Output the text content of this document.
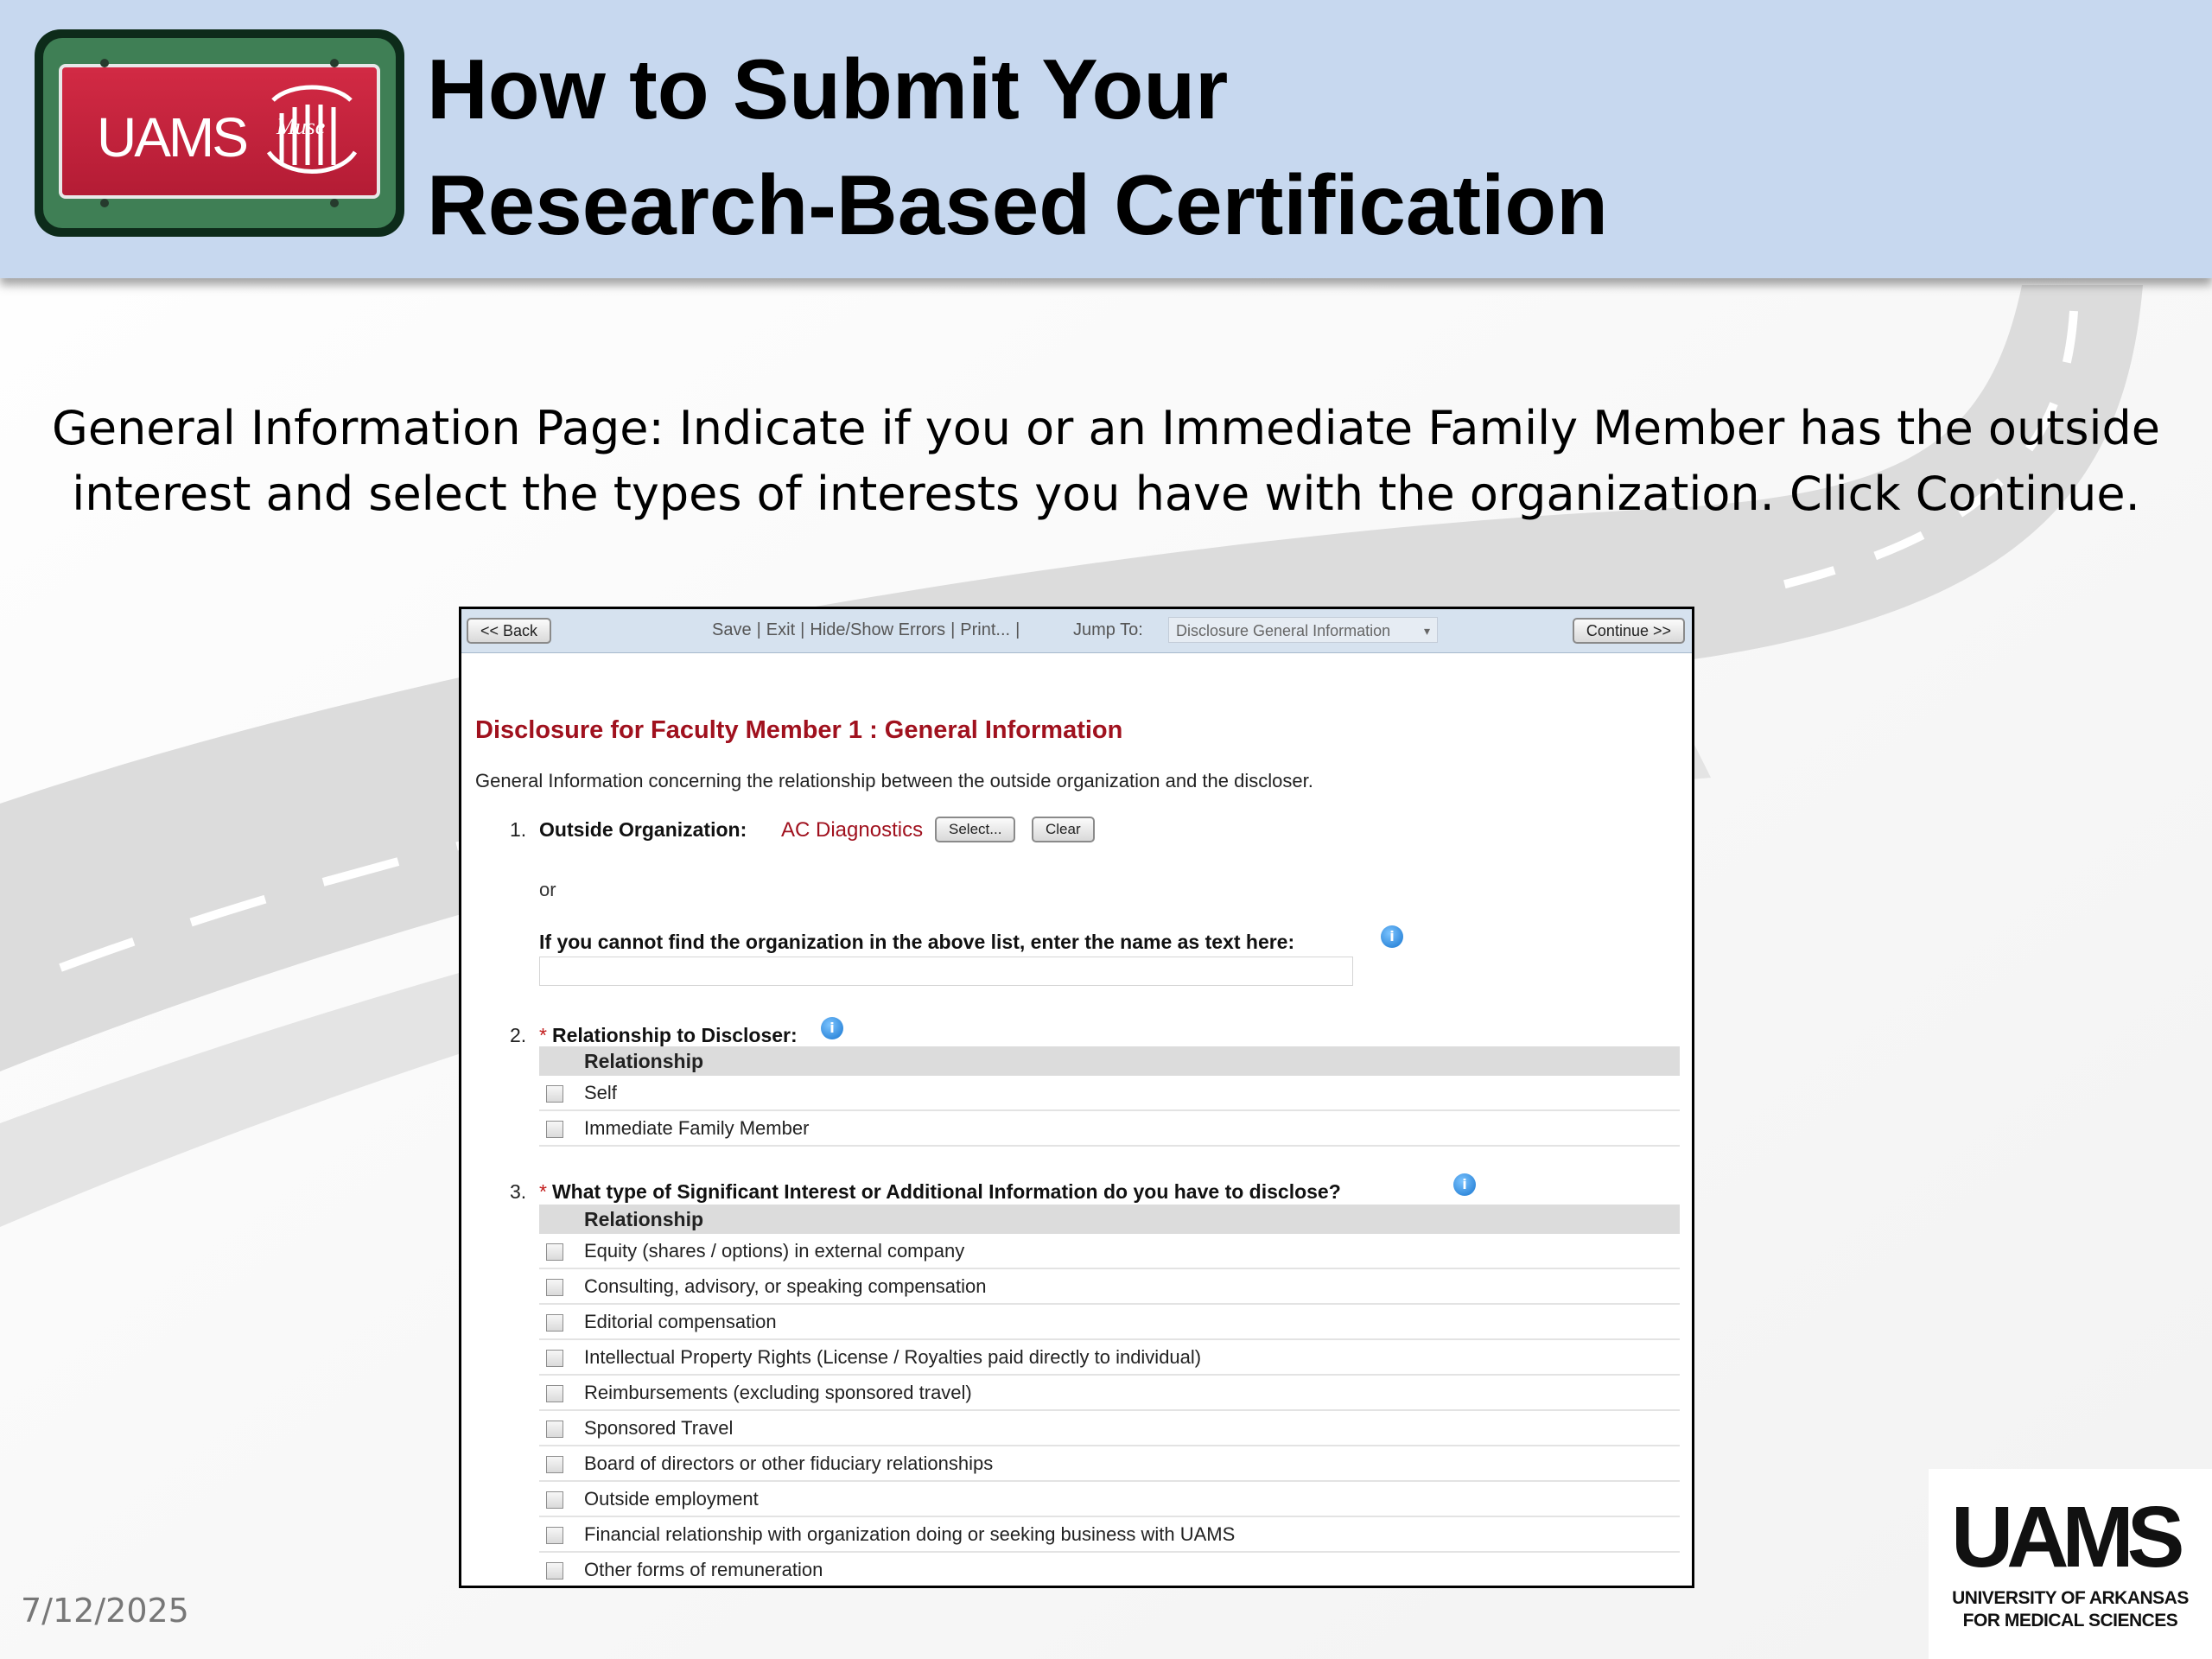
UAMS Muse How to Submit Your
Research-Based Certification

General Information Page: Indicate if you or an Immediate Family Member has the outside
interest and select the types of interests you have with the organization. Click Continue.

<< Back	Save | Exit | Hide/Show Errors | Print... |	Jump To:	Disclosure General Information	▾	Continue >>
Disclosure for Faculty Member 1 : General Information
General Information concerning the relationship between the outside organization and the discloser.
1. Outside Organization: AC Diagnostics	Select...	Clear
or
If you cannot find the organization in the above list, enter the name as text here:	i
2. * Relationship to Discloser:	i
Relationship
Self
Immediate Family Member
3. * What type of Significant Interest or Additional Information do you have to disclose?	i
Relationship
Equity (shares / options) in external company
Consulting, advisory, or speaking compensation
Editorial compensation
Intellectual Property Rights (License / Royalties paid directly to individual)
Reimbursements (excluding sponsored travel)
Sponsored Travel
Board of directors or other fiduciary relationships
Outside employment
Financial relationship with organization doing or seeking business with UAMS
Other forms of remuneration
7/12/2025
UAMS
UNIVERSITY OF ARKANSAS
FOR MEDICAL SCIENCES
